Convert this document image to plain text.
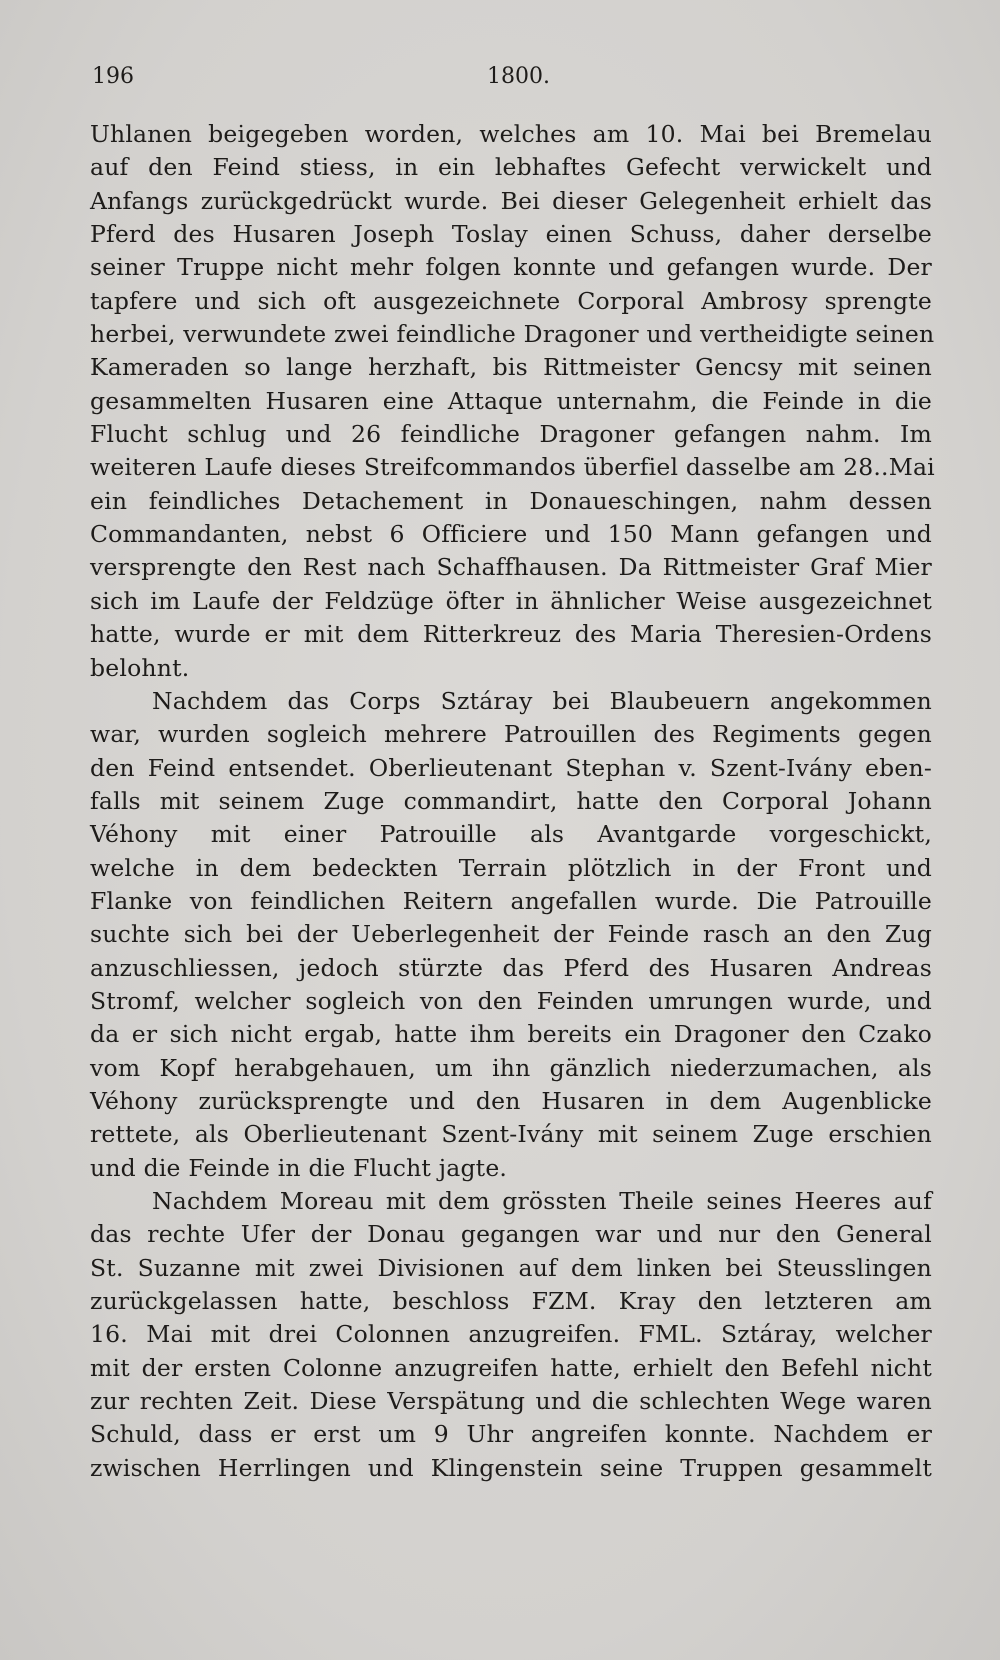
196	1800.
Uhlanen beigegeben worden, welches am 10. Mai bei Bremelau
auf den Feind stiess, in ein lebhaftes Gefecht verwickelt und
Anfangs zurückgedrückt wurde. Bei dieser Gelegenheit erhielt das
Pferd des Husaren Joseph Toslay einen Schuss, daher derselbe
seiner Truppe nicht mehr folgen konnte und gefangen wurde. Der
tapfere und sich oft ausgezeichnete Corporal Ambrosy sprengte
herbei, verwundete zwei feindliche Dragoner und vertheidigte seinen
Kameraden so lange herzhaft, bis Rittmeister Gencsy mit seinen
gesammelten Husaren eine Attaque unternahm, die Feinde in die
Flucht schlug und 26 feindliche Dragoner gefangen nahm. Im
weiteren Laufe dieses Streifcommandos überfiel dasselbe am 28..Mai
ein feindliches Detachement in Donaueschingen, nahm dessen
Commandanten, nebst 6 Officiere und 150 Mann gefangen und
versprengte den Rest nach Schaffhausen. Da Rittmeister Graf Mier
sich im Laufe der Feldzüge öfter in ähnlicher Weise ausgezeichnet
hatte, wurde er mit dem Ritterkreuz des Maria Theresien-Ordens
belohnt.
Nachdem das Corps Sztáray bei Blaubeuern angekommen
war, wurden sogleich mehrere Patrouillen des Regiments gegen
den Feind entsendet. Oberlieutenant Stephan v. Szent-Ivány eben-
falls mit seinem Zuge commandirt, hatte den Corporal Johann
Véhony mit einer Patrouille als Avantgarde vorgeschickt,
welche in dem bedeckten Terrain plötzlich in der Front und
Flanke von feindlichen Reitern angefallen wurde. Die Patrouille
suchte sich bei der Ueberlegenheit der Feinde rasch an den Zug
anzuschliessen, jedoch stürzte das Pferd des Husaren Andreas
Stromf, welcher sogleich von den Feinden umrungen wurde, und
da er sich nicht ergab, hatte ihm bereits ein Dragoner den Czako
vom Kopf herabgehauen, um ihn gänzlich niederzumachen, als
Véhony zurücksprengte und den Husaren in dem Augenblicke
rettete, als Oberlieutenant Szent-Ivány mit seinem Zuge erschien
und die Feinde in die Flucht jagte.
Nachdem Moreau mit dem grössten Theile seines Heeres auf
das rechte Ufer der Donau gegangen war und nur den General
St. Suzanne mit zwei Divisionen auf dem linken bei Steusslingen
zurückgelassen hatte, beschloss FZM. Kray den letzteren am
16. Mai mit drei Colonnen anzugreifen. FML. Sztáray, welcher
mit der ersten Colonne anzugreifen hatte, erhielt den Befehl nicht
zur rechten Zeit. Diese Verspätung und die schlechten Wege waren
Schuld, dass er erst um 9 Uhr angreifen konnte. Nachdem er
zwischen Herrlingen und Klingenstein seine Truppen gesammelt
